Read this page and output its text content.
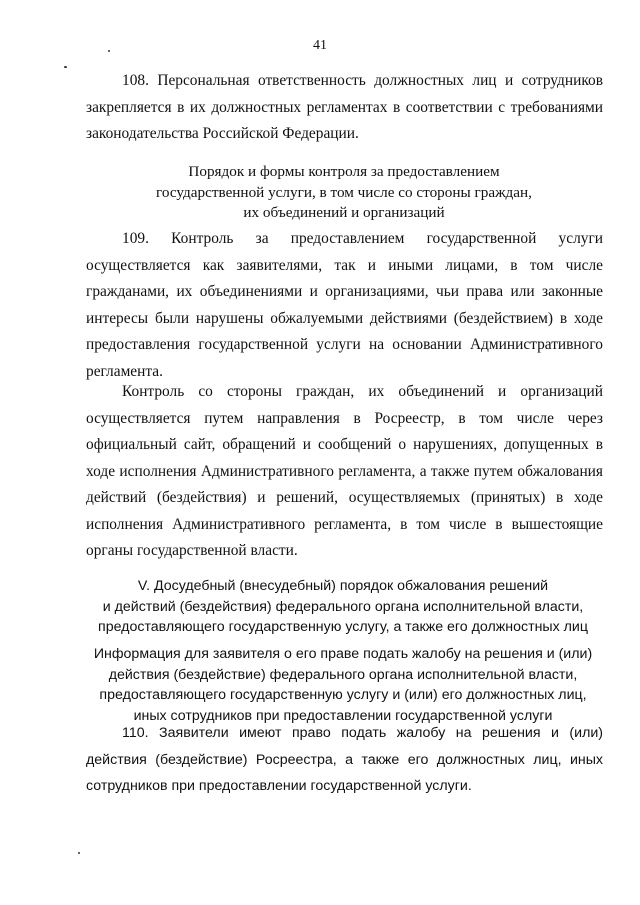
41

108. Персональная ответственность должностных лиц и сотрудников закрепляется в их должностных регламентах в соответствии с требованиями законодательства Российской Федерации.

Порядок и формы контроля за предоставлением
государственной услуги, в том числе со стороны граждан,
их объединений и организаций

109. Контроль за предоставлением государственной услуги осуществляется как заявителями, так и иными лицами, в том числе гражданами, их объединениями и организациями, чьи права или законные интересы были нарушены обжалуемыми действиями (бездействием) в ходе предоставления государственной услуги на основании Административного регламента.

Контроль со стороны граждан, их объединений и организаций осуществляется путем направления в Росреестр, в том числе через официальный сайт, обращений и сообщений о нарушениях, допущенных в ходе исполнения Административного регламента, а также путем обжалования действий (бездействия) и решений, осуществляемых (принятых) в ходе исполнения Административного регламента, в том числе в вышестоящие органы государственной власти.

V. Досудебный (внесудебный) порядок обжалования решений
и действий (бездействия) федерального органа исполнительной власти,
предоставляющего государственную услугу, а также его должностных лиц
Информация для заявителя о его праве подать жалобу на решения и (или)
действия (бездействие) федерального органа исполнительной власти,
предоставляющего государственную услугу и (или) его должностных лиц,
иных сотрудников при предоставлении государственной услуги

110. Заявители имеют право подать жалобу на решения и (или) действия (бездействие) Росреестра, а также его должностных лиц, иных сотрудников при предоставлении государственной услуги.
